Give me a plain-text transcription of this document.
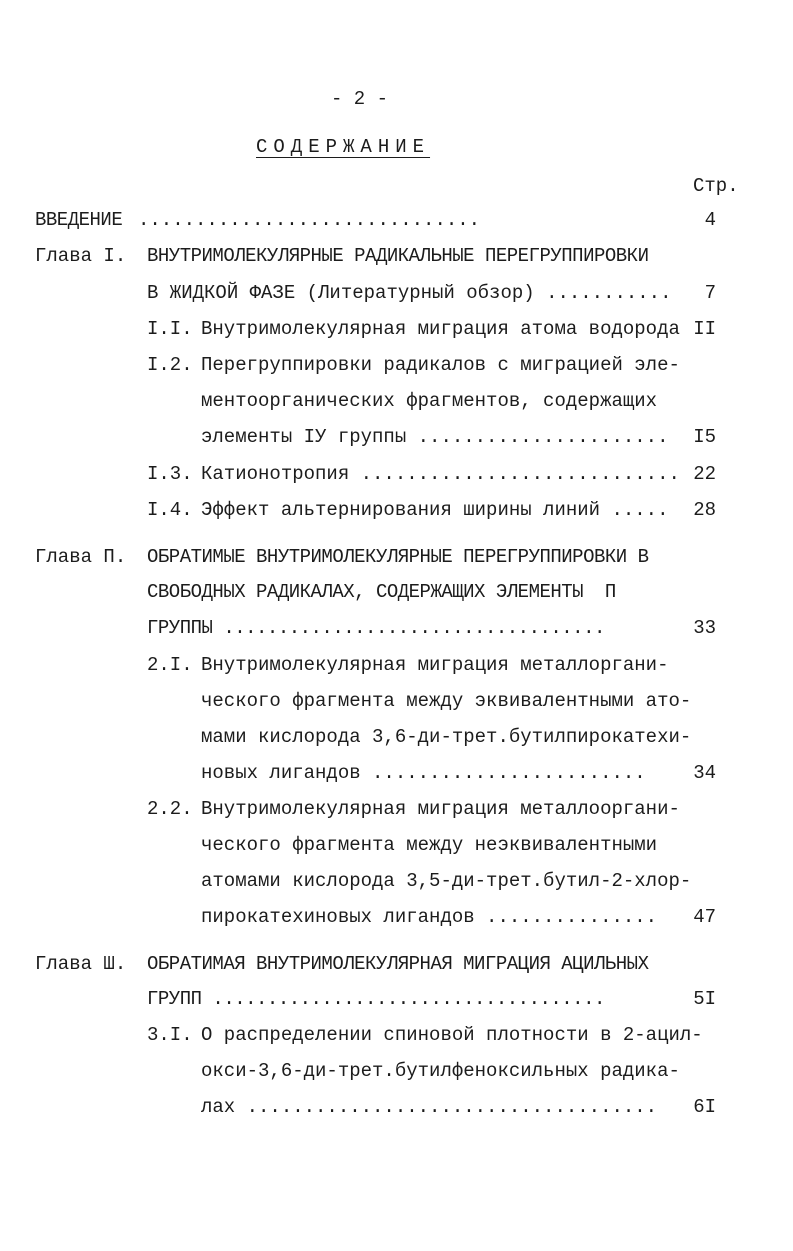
- 2 -
СОДЕРЖАНИЕ
Стр.
ВВЕДЕНИЕ ..............................	4
Глава I. ВНУТРИМОЛЕКУЛЯРНЫЕ РАДИКАЛЬНЫЕ ПЕРЕГРУППИРОВКИ
В ЖИДКОЙ ФАЗЕ (Литературный обзор) ...........	7
I.I. Внутримолекулярная миграция атома водорода II
I.2. Перегруппировки радикалов с миграцией эле-
ментоорганических фрагментов, содержащих
элементы IУ группы ......................	I5
I.3. Катионотропия ............................ 22
I.4. Эффект альтернирования ширины линий .....	28
Глава П. ОБРАТИМЫЕ ВНУТРИМОЛЕКУЛЯРНЫЕ ПЕРЕГРУППИРОВКИ В
СВОБОДНЫХ РАДИКАЛАХ, СОДЕРЖАЩИХ ЭЛЕМЕНТЫ  П
ГРУППЫ ...................................	33
2.I. Внутримолекулярная миграция металлоргани-
ческого фрагмента между эквивалентными ато-
мами кислорода 3,6-ди-трет.бутилпирокатехи-
новых лигандов ........................	34
2.2. Внутримолекулярная миграция металлооргани-
ческого фрагмента между неэквивалентными
атомами кислорода 3,5-ди-трет.бутил-2-хлор-
пирокатехиновых лигандов ...............	47
Глава Ш. ОБРАТИМАЯ ВНУТРИМОЛЕКУЛЯРНАЯ МИГРАЦИЯ АЦИЛЬНЫХ
ГРУПП ....................................	5I
3.I. О распределении спиновой плотности в 2-ацил-
окси-3,6-ди-трет.бутилфеноксильных радика-
лах ....................................	6I
